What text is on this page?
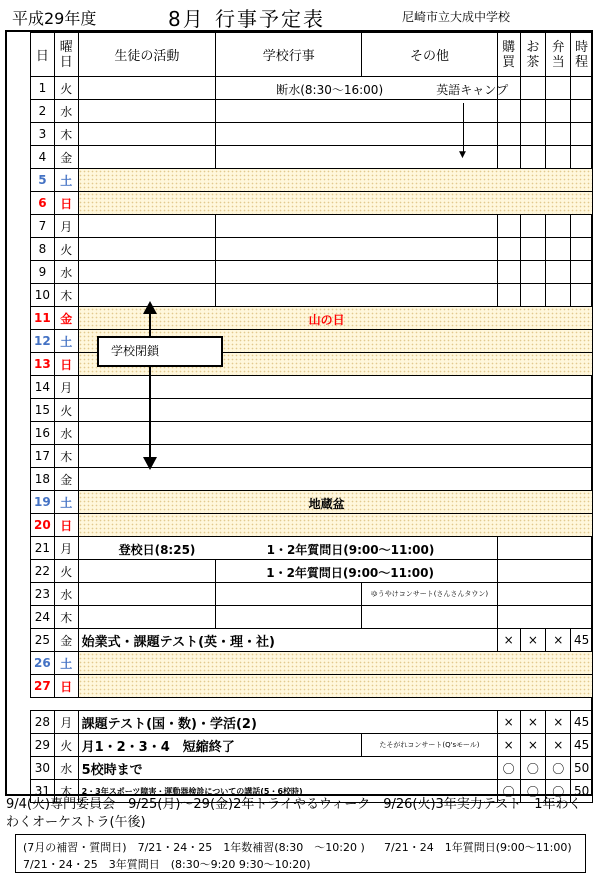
平成29年度	8月 行事予定表	尼崎市立大成中学校
日	曜日	生徒の活動	学校行事	その他	購買	お茶	弁当	時程
1	火		断水(8:30〜16:00) 英語キャンプ					

2	水							
3	木							
4	金							
5	土							
6	日							
7	月							
8	火							
9	水							
10	木							
11	金	山の日						

12	土							
13	日							
14	月							
15	火							
16	水							
17	木							
18	金							
19	土	地蔵盆						

20	日							
21	月	登校日(8:25) 1・2年質問日(9:00〜11:00)						

22	火		1・2年質問日(9:00〜11:00)					

23	水			ゆうやけコンサート(さんさんタウン)				
24	木							
25	金	始業式・課題テスト(英・理・社)			×	×	×	45
26	土							
27	日							

28	月	課題テスト(国・数)・学活(2)			×	×	×	45
29	火	月1・2・3・4　短縮終了		たそがれコンサート(Q'sモール)	×	×	×	45
30	水	5校時まで			〇	〇	〇	50
31	木	2・3年スポーツ障害・運動器検診についての講話(5・6校時)			〇	〇	〇	50
▼
学校閉鎖
9/4(火)専門委員会　9/25(月)〜29(金)2年トライやるウィーク　9/26(火)3年実力テスト　1年わくわくオーケストラ(午後)
(7月の補習・質問日)　7/21・24・25　1年数補習(8:30　〜10:20 ) 7/21・24　1年質問日(9:00〜11:00)
7/21・24・25　3年質問日　(8:30〜9:20 9:30〜10:20)
